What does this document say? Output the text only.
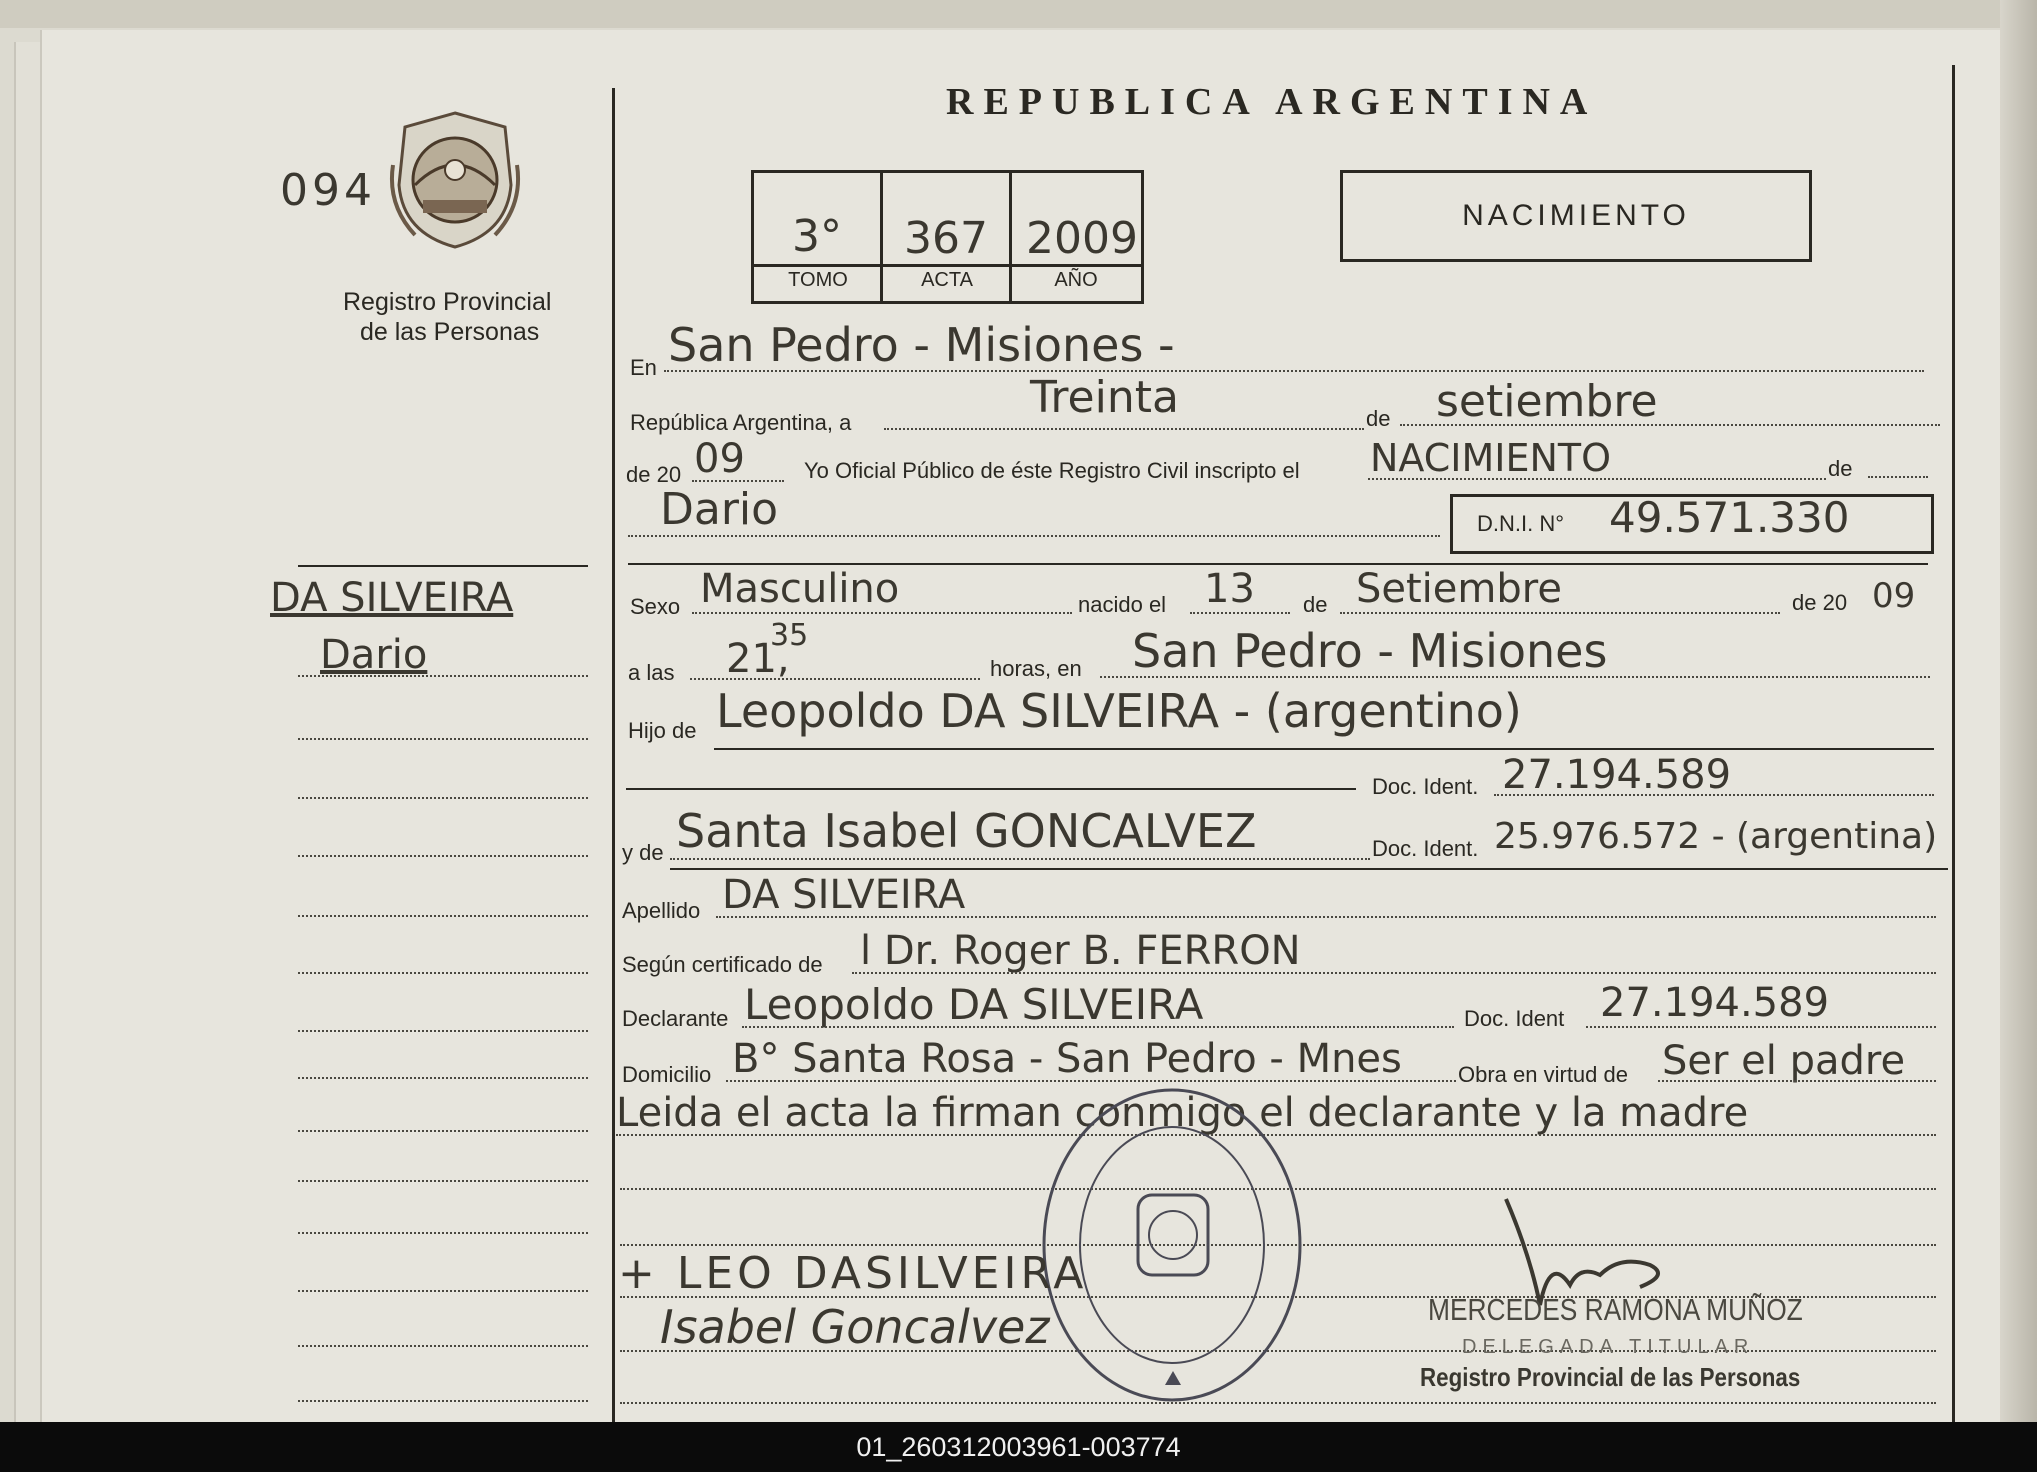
REPUBLICA ARGENTINA
094
Registro Provincial
de las Personas
3° 367 2009
TOMO	ACTA	AÑO
NACIMIENTO
DA SILVEIRA
Dario
En San Pedro - Misiones -
República Argentina, a	Treinta	de setiembre
de 20 09	Yo Oficial Público de éste Registro Civil inscripto el NACIMIENTO	de
Dario	D.N.I. N° 49.571.330
Sexo Masculino	nacido el 13 de Setiembre	de 20 09
a las 21,
35
horas, en San Pedro - Misiones
Hijo de Leopoldo DA SILVEIRA - (argentino)
Doc. Ident. 27.194.589
y de Santa Isabel GONCALVEZ	Doc. Ident. 25.976.572 - (argentina)
Apellido DA SILVEIRA
Según certificado de l Dr. Roger B. FERRON
Declarante Leopoldo DA SILVEIRA	Doc. Ident 27.194.589
Domicilio B° Santa Rosa - San Pedro - Mnes	Obra en virtud de Ser el padre
Leida el acta la firman conmigo el declarante y la madre
+ LEO DASILVEIRA
Isabel Goncalvez	MERCEDES RAMONA MUÑOZ
DELEGADA TITULAR
Registro Provincial de las Personas
01_260312003961-003774
